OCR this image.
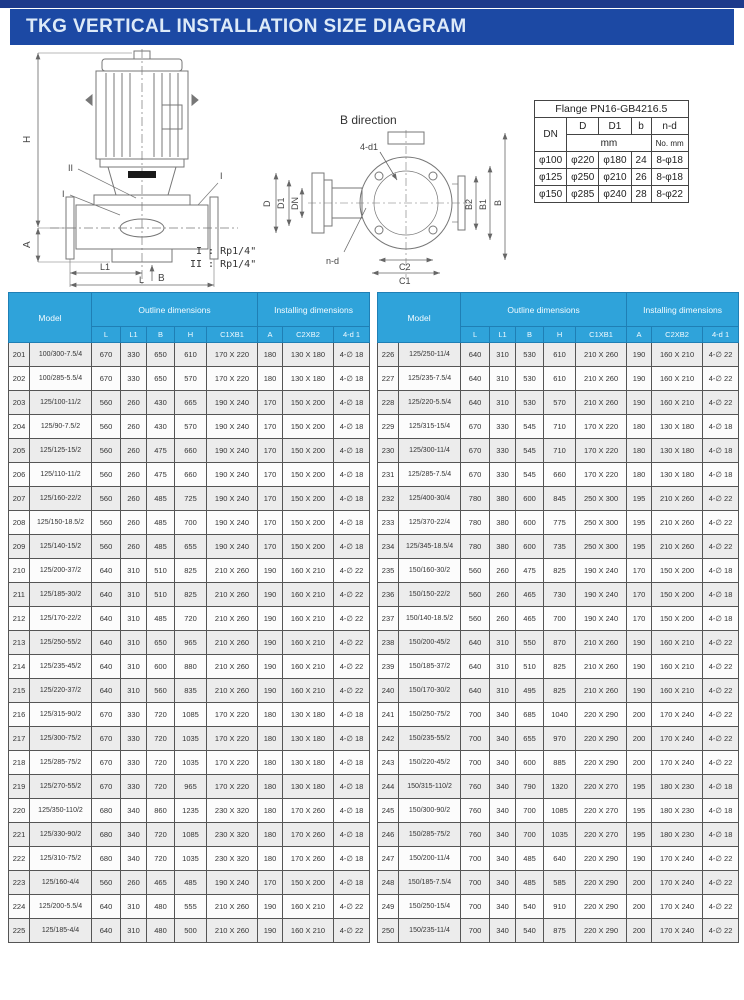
TKG VERTICAL INSTALLATION SIZE DIAGRAM
H
A
L1
L B
II
I
I
B direction
4-d1
D D1 DN
n-d
C2
C1
B2 B1 B
I : Rp1/4"
II : Rp1/4"
Flange PN16-GB4216.5				
DN	D	D1	b	n-d
	mm			No. mm
φ100	φ220	φ180	24	8-φ18
φ125	φ250	φ210	26	8-φ18
φ150	φ285	φ240	28	8-φ22
Model		Outline dimensions					Installing dimensions		
		L	L1	B	H	C1XB1	A	C2XB2	4-d 1
201	100/300-7.5/4	670	330	650	610	170 X 220	180	130 X 180	4-∅ 18
202	100/285-5.5/4	670	330	650	570	170 X 220	180	130 X 180	4-∅ 18
203	125/100-11/2	560	260	430	665	190 X 240	170	150 X 200	4-∅ 18
204	125/90-7.5/2	560	260	430	570	190 X 240	170	150 X 200	4-∅ 18
205	125/125-15/2	560	260	475	660	190 X 240	170	150 X 200	4-∅ 18
206	125/110-11/2	560	260	475	660	190 X 240	170	150 X 200	4-∅ 18
207	125/160-22/2	560	260	485	725	190 X 240	170	150 X 200	4-∅ 18
208	125/150-18.5/2	560	260	485	700	190 X 240	170	150 X 200	4-∅ 18
209	125/140-15/2	560	260	485	655	190 X 240	170	150 X 200	4-∅ 18
210	125/200-37/2	640	310	510	825	210 X 260	190	160 X 210	4-∅ 22
211	125/185-30/2	640	310	510	825	210 X 260	190	160 X 210	4-∅ 22
212	125/170-22/2	640	310	485	720	210 X 260	190	160 X 210	4-∅ 22
213	125/250-55/2	640	310	650	965	210 X 260	190	160 X 210	4-∅ 22
214	125/235-45/2	640	310	600	880	210 X 260	190	160 X 210	4-∅ 22
215	125/220-37/2	640	310	560	835	210 X 260	190	160 X 210	4-∅ 22
216	125/315-90/2	670	330	720	1085	170 X 220	180	130 X 180	4-∅ 18
217	125/300-75/2	670	330	720	1035	170 X 220	180	130 X 180	4-∅ 18
218	125/285-75/2	670	330	720	1035	170 X 220	180	130 X 180	4-∅ 18
219	125/270-55/2	670	330	720	965	170 X 220	180	130 X 180	4-∅ 18
220	125/350-110/2	680	340	860	1235	230 X 320	180	170 X 260	4-∅ 18
221	125/330-90/2	680	340	720	1085	230 X 320	180	170 X 260	4-∅ 18
222	125/310-75/2	680	340	720	1035	230 X 320	180	170 X 260	4-∅ 18
223	125/160-4/4	560	260	465	485	190 X 240	170	150 X 200	4-∅ 18
224	125/200-5.5/4	640	310	480	555	210 X 260	190	160 X 210	4-∅ 22
225	125/185-4/4	640	310	480	500	210 X 260	190	160 X 210	4-∅ 22
Model		Outline dimensions					Installing dimensions		
		L	L1	B	H	C1XB1	A	C2XB2	4-d 1
226	125/250-11/4	640	310	530	610	210 X 260	190	160 X 210	4-∅ 22
227	125/235-7.5/4	640	310	530	610	210 X 260	190	160 X 210	4-∅ 22
228	125/220-5.5/4	640	310	530	570	210 X 260	190	160 X 210	4-∅ 22
229	125/315-15/4	670	330	545	710	170 X 220	180	130 X 180	4-∅ 18
230	125/300-11/4	670	330	545	710	170 X 220	180	130 X 180	4-∅ 18
231	125/285-7.5/4	670	330	545	660	170 X 220	180	130 X 180	4-∅ 18
232	125/400-30/4	780	380	600	845	250 X 300	195	210 X 260	4-∅ 22
233	125/370-22/4	780	380	600	775	250 X 300	195	210 X 260	4-∅ 22
234	125/345-18.5/4	780	380	600	735	250 X 300	195	210 X 260	4-∅ 22
235	150/160-30/2	560	260	475	825	190 X 240	170	150 X 200	4-∅ 18
236	150/150-22/2	560	260	465	730	190 X 240	170	150 X 200	4-∅ 18
237	150/140-18.5/2	560	260	465	700	190 X 240	170	150 X 200	4-∅ 18
238	150/200-45/2	640	310	550	870	210 X 260	190	160 X 210	4-∅ 22
239	150/185-37/2	640	310	510	825	210 X 260	190	160 X 210	4-∅ 22
240	150/170-30/2	640	310	495	825	210 X 260	190	160 X 210	4-∅ 22
241	150/250-75/2	700	340	685	1040	220 X 290	200	170 X 240	4-∅ 22
242	150/235-55/2	700	340	655	970	220 X 290	200	170 X 240	4-∅ 22
243	150/220-45/2	700	340	600	885	220 X 290	200	170 X 240	4-∅ 22
244	150/315-110/2	760	340	790	1320	220 X 270	195	180 X 230	4-∅ 18
245	150/300-90/2	760	340	700	1085	220 X 270	195	180 X 230	4-∅ 18
246	150/285-75/2	760	340	700	1035	220 X 270	195	180 X 230	4-∅ 18
247	150/200-11/4	700	340	485	640	220 X 290	190	170 X 240	4-∅ 22
248	150/185-7.5/4	700	340	485	585	220 X 290	200	170 X 240	4-∅ 22
249	150/250-15/4	700	340	540	910	220 X 290	200	170 X 240	4-∅ 22
250	150/235-11/4	700	340	540	875	220 X 290	200	170 X 240	4-∅ 22
